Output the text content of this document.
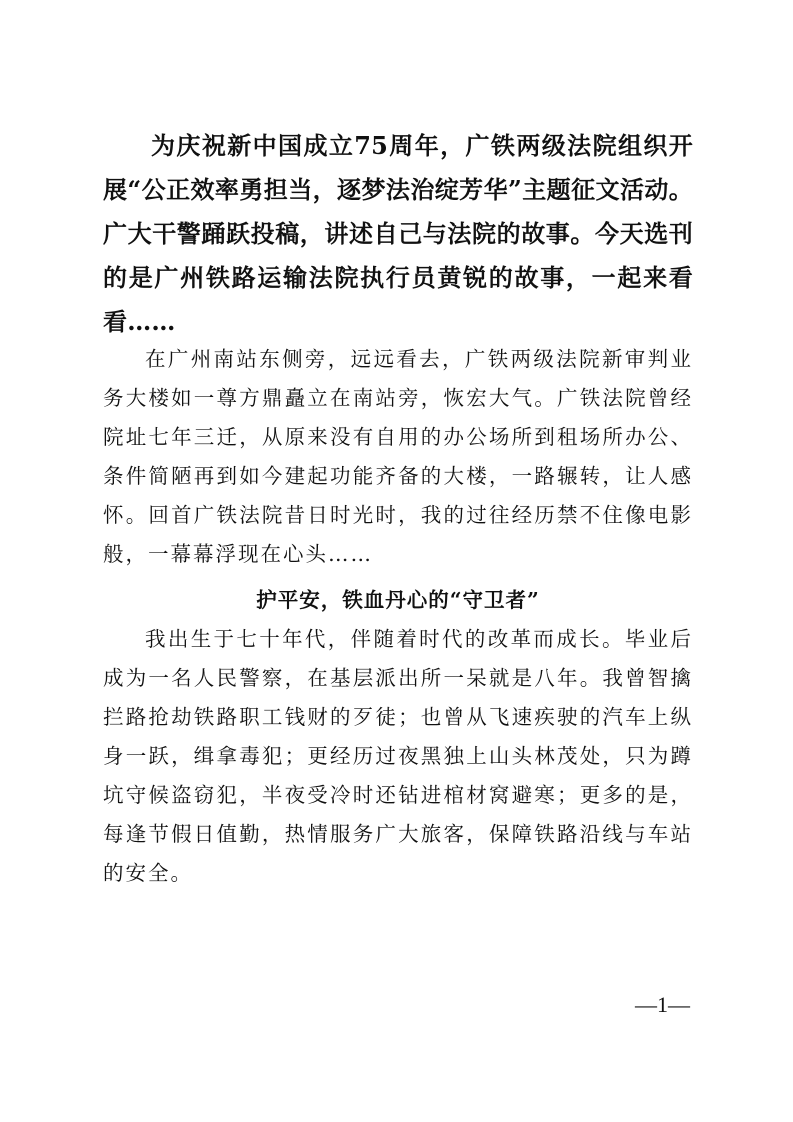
为庆祝新中国成立75周年，广铁两级法院组织开展“公正效率勇担当，逐梦法治绽芳华”主题征文活动。广大干警踊跃投稿，讲述自己与法院的故事。今天选刊的是广州铁路运输法院执行员黄锐的故事，一起来看看……

在广州南站东侧旁，远远看去，广铁两级法院新审判业务大楼如一尊方鼎矗立在南站旁，恢宏大气。广铁法院曾经院址七年三迁，从原来没有自用的办公场所到租场所办公、条件简陋再到如今建起功能齐备的大楼，一路辗转，让人感怀。回首广铁法院昔日时光时，我的过往经历禁不住像电影般，一幕幕浮现在心头……

护平安，铁血丹心的“守卫者”

我出生于七十年代，伴随着时代的改革而成长。毕业后成为一名人民警察，在基层派出所一呆就是八年。我曾智擒拦路抢劫铁路职工钱财的歹徒；也曾从飞速疾驶的汽车上纵身一跃，缉拿毒犯；更经历过夜黑独上山头林茂处，只为蹲坑守候盗窃犯，半夜受冷时还钻进棺材窝避寒；更多的是，每逢节假日值勤，热情服务广大旅客，保障铁路沿线与车站的安全。

—1—
